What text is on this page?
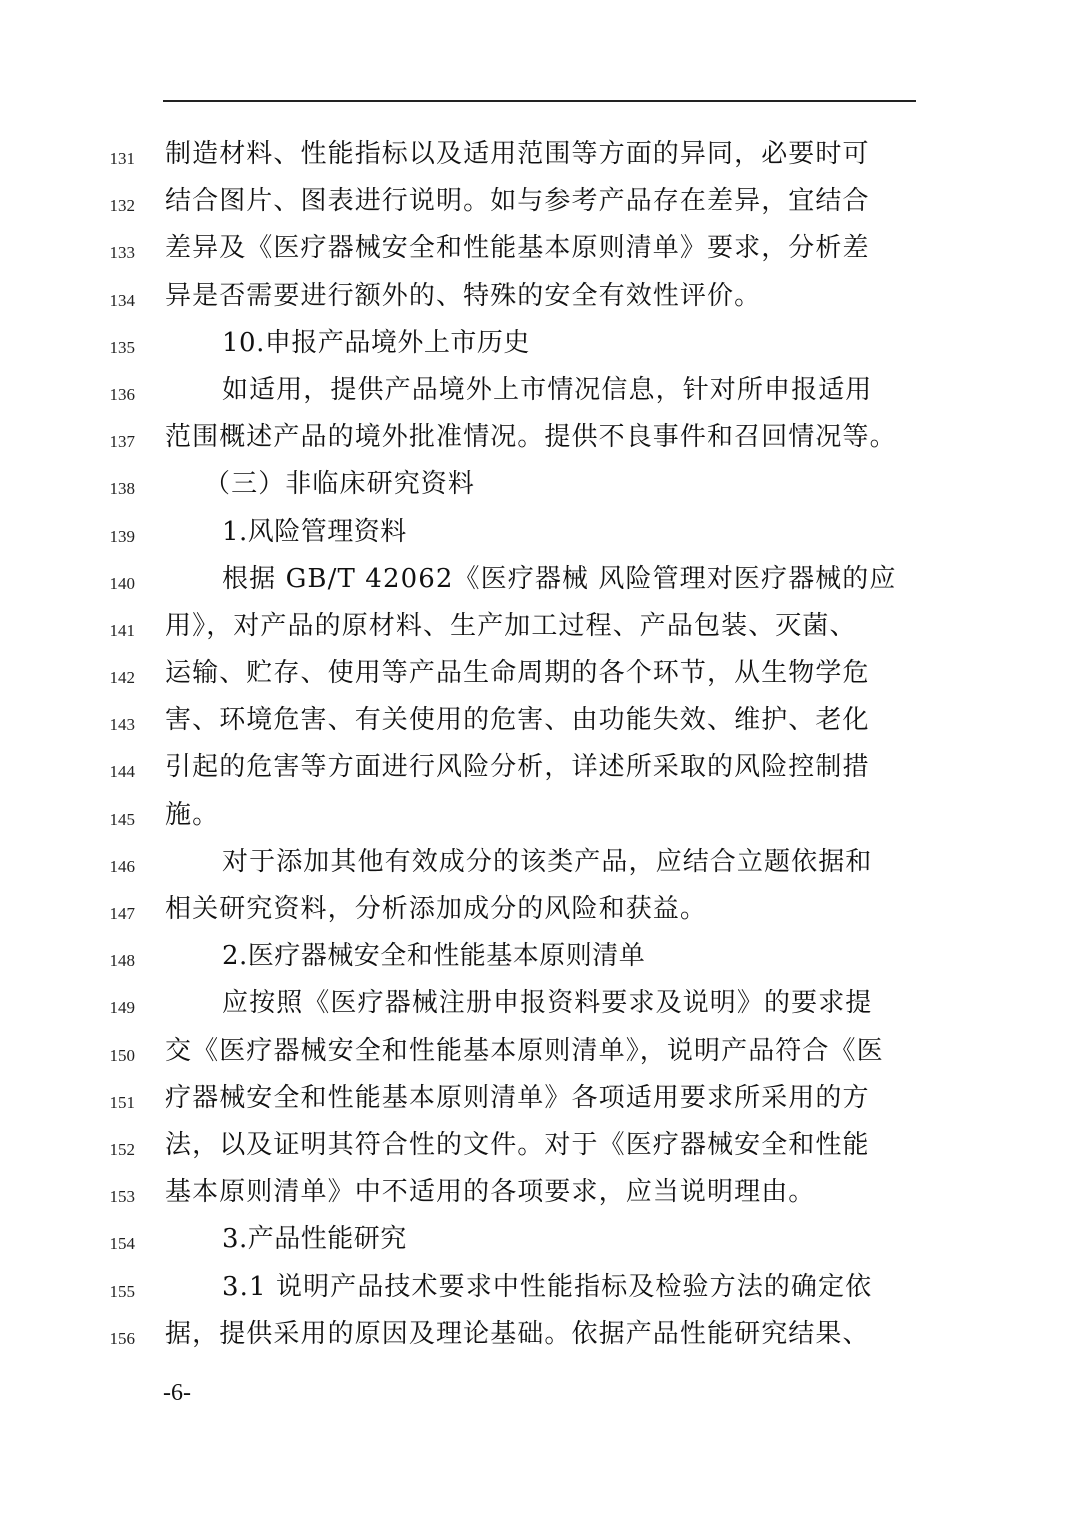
131 制造材料、性能指标以及适用范围等方面的异同，必要时可
132 结合图片、图表进行说明。如与参考产品存在差异，宜结合
133 差异及《医疗器械安全和性能基本原则清单》要求，分析差
134 异是否需要进行额外的、特殊的安全有效性评价。
135	10.申报产品境外上市历史
136	如适用，提供产品境外上市情况信息，针对所申报适用
137 范围概述产品的境外批准情况。提供不良事件和召回情况等。
138	（三）非临床研究资料
139	1.风险管理资料
140	根据 GB/T 42062《医疗器械 风险管理对医疗器械的应
141 用》，对产品的原材料、生产加工过程、产品包装、灭菌、
142 运输、贮存、使用等产品生命周期的各个环节，从生物学危
143 害、环境危害、有关使用的危害、由功能失效、维护、老化
144 引起的危害等方面进行风险分析，详述所采取的风险控制措
145 施。
146	对于添加其他有效成分的该类产品，应结合立题依据和
147 相关研究资料，分析添加成分的风险和获益。
148	2.医疗器械安全和性能基本原则清单
149	应按照《医疗器械注册申报资料要求及说明》的要求提
150 交《医疗器械安全和性能基本原则清单》，说明产品符合《医
151 疗器械安全和性能基本原则清单》各项适用要求所采用的方
152 法，以及证明其符合性的文件。对于《医疗器械安全和性能
153 基本原则清单》中不适用的各项要求，应当说明理由。
154	3.产品性能研究
155	3.1 说明产品技术要求中性能指标及检验方法的确定依
156 据，提供采用的原因及理论基础。依据产品性能研究结果、
-6-
